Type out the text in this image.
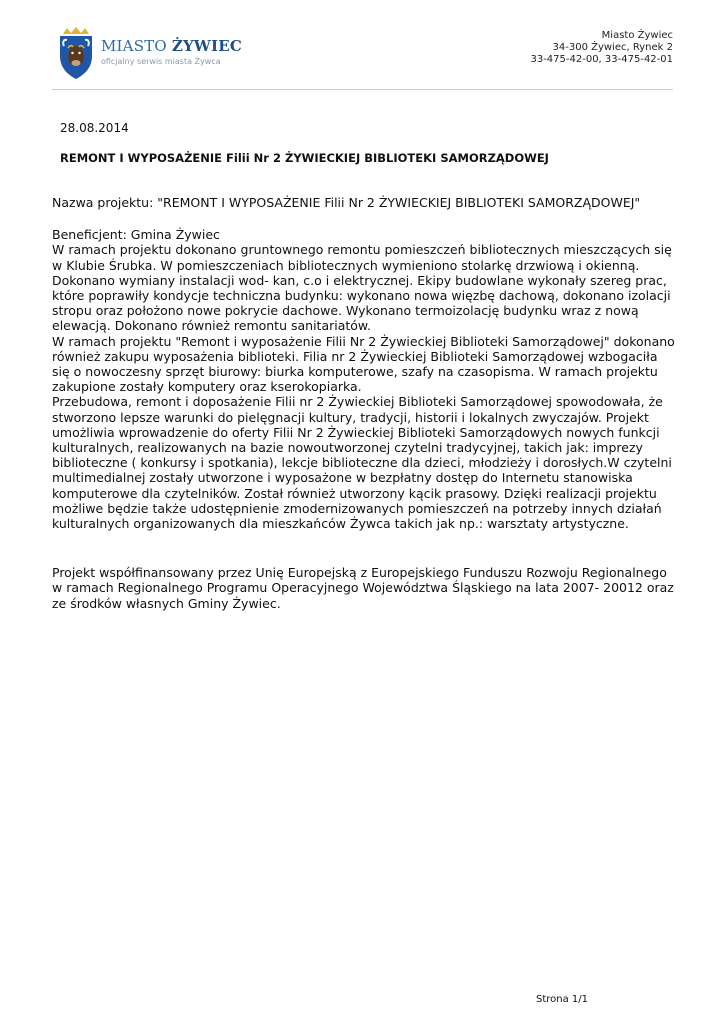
MIASTO ŻYWIEC
oficjalny serwis miasta Żywca
Miasto Żywiec
34-300 Żywiec, Rynek 2
33-475-42-00, 33-475-42-01
28.08.2014
REMONT I WYPOSAŻENIE Filii Nr 2 ŻYWIECKIEJ BIBLIOTEKI SAMORZĄDOWEJ

Nazwa projektu: "REMONT I WYPOSAŻENIE Filii Nr 2 ŻYWIECKIEJ BIBLIOTEKI SAMORZĄDOWEJ"

Beneficjent: Gmina Żywiec

W ramach projektu dokonano gruntownego remontu pomieszczeń bibliotecznych mieszczących się w Klubie Śrubka. W pomieszczeniach bibliotecznych wymieniono stolarkę drzwiową i okienną. Dokonano wymiany instalacji wod- kan, c.o i elektrycznej. Ekipy budowlane wykonały szereg prac, które poprawiły kondycje techniczna budynku: wykonano nowa więzbę dachową, dokonano izolacji stropu oraz położono nowe pokrycie dachowe. Wykonano termoizolację budynku wraz z nową elewacją. Dokonano również remontu sanitariatów.

W ramach projektu "Remont i wyposażenie Filii Nr 2 Żywieckiej Biblioteki Samorządowej" dokonano również zakupu wyposażenia biblioteki. Filia nr 2 Żywieckiej Biblioteki Samorządowej wzbogaciła się o nowoczesny sprzęt biurowy: biurka komputerowe, szafy na czasopisma. W ramach projektu zakupione zostały komputery oraz kserokopiarka.

Przebudowa, remont i doposażenie Filii nr 2 Żywieckiej Biblioteki Samorządowej spowodowała, że stworzono lepsze warunki do pielęgnacji kultury, tradycji, historii i lokalnych zwyczajów. Projekt umożliwia wprowadzenie do oferty Filii Nr 2 Żywieckiej Biblioteki Samorządowych nowych funkcji kulturalnych, realizowanych na bazie nowoutworzonej czytelni tradycyjnej, takich jak: imprezy biblioteczne ( konkursy i spotkania), lekcje biblioteczne dla dzieci, młodzieży i dorosłych.W czytelni multimedialnej zostały utworzone i wyposażone w bezpłatny dostęp do Internetu stanowiska komputerowe dla czytelników. Został również utworzony kącik prasowy. Dzięki realizacji projektu możliwe będzie także udostępnienie zmodernizowanych pomieszczeń na potrzeby innych działań kulturalnych organizowanych dla mieszkańców Żywca takich jak np.: warsztaty artystyczne.

Projekt współfinansowany przez Unię Europejską z Europejskiego Funduszu Rozwoju Regionalnego w ramach Regionalnego Programu Operacyjnego Województwa Śląskiego na lata 2007- 20012 oraz ze środków własnych Gminy Żywiec.

Strona 1/1
